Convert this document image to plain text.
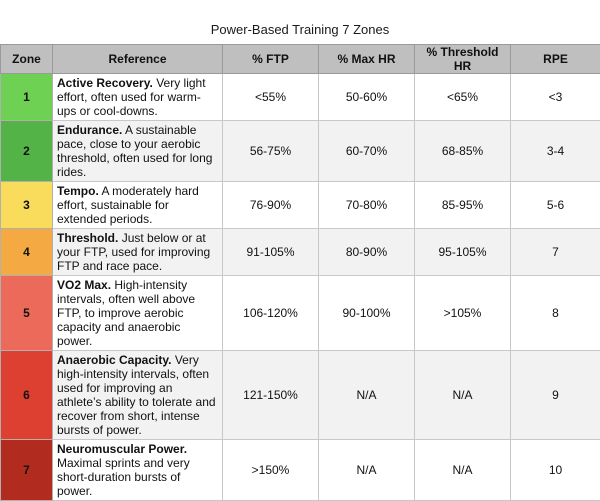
Power-Based Training 7 Zones
Zone	Reference	% FTP	% Max HR	% Threshold HR	RPE
1	Active Recovery. Very light effort, often used for warm-ups or cool-downs.	<55%	50-60%	<65%	<3
2	Endurance. A sustainable pace, close to your aerobic threshold, often used for long rides.	56-75%	60-70%	68-85%	3-4
3	Tempo. A moderately hard effort, sustainable for extended periods.	76-90%	70-80%	85-95%	5-6
4	Threshold. Just below or at your FTP, used for improving FTP and race pace.	91-105%	80-90%	95-105%	7
5	VO2 Max. High-intensity intervals, often well above FTP, to improve aerobic capacity and anaerobic power.	106-120%	90-100%	>105%	8
6	Anaerobic Capacity. Very high-intensity intervals, often used for improving an athlete’s ability to tolerate and recover from short, intense bursts of power.	121-150%	N/A	N/A	9
7	Neuromuscular Power. Maximal sprints and very short-duration bursts of power.	>150%	N/A	N/A	10
